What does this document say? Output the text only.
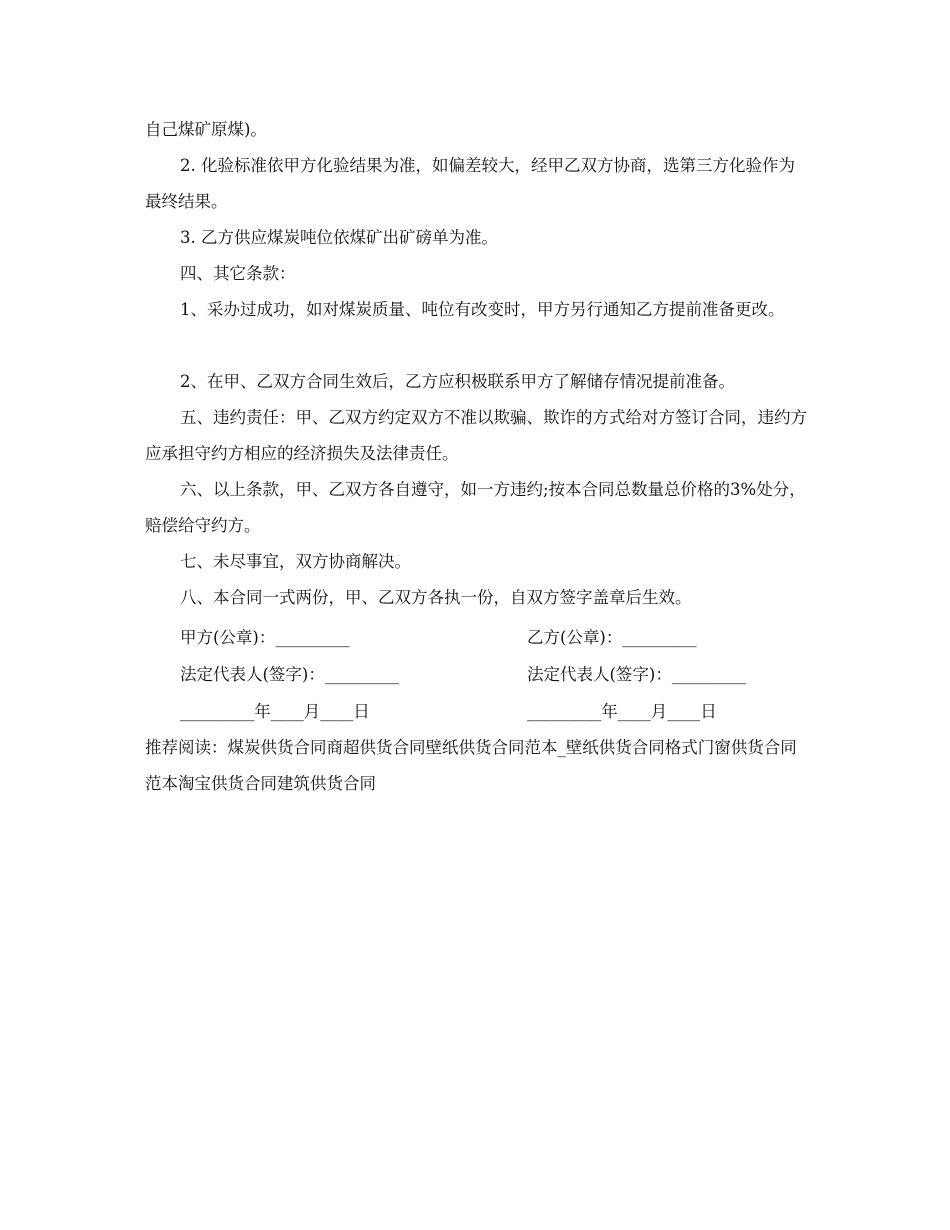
自己煤矿原煤)。

2. 化验标准依甲方化验结果为准，如偏差较大，经甲乙双方协商，选第三方化验作为最终结果。

3. 乙方供应煤炭吨位依煤矿出矿磅单为准。

四、其它条款：

1、采办过成功，如对煤炭质量、吨位有改变时，甲方另行通知乙方提前准备更改。

2、在甲、乙双方合同生效后，乙方应积极联系甲方了解储存情况提前准备。

五、违约责任：甲、乙双方约定双方不准以欺骗、欺诈的方式给对方签订合同，违约方应承担守约方相应的经济损失及法律责任。

六、以上条款，甲、乙双方各自遵守，如一方违约;按本合同总数量总价格的3%处分，赔偿给守约方。

七、未尽事宜，双方协商解决。

八、本合同一式两份，甲、乙双方各执一份，自双方签字盖章后生效。

甲方(公章)：_________	乙方(公章)：_________
法定代表人(签字)：_________	法定代表人(签字)：_________
_________年____月____日	_________年____月____日

推荐阅读：煤炭供货合同商超供货合同壁纸供货合同范本_壁纸供货合同格式门窗供货合同范本淘宝供货合同建筑供货合同
